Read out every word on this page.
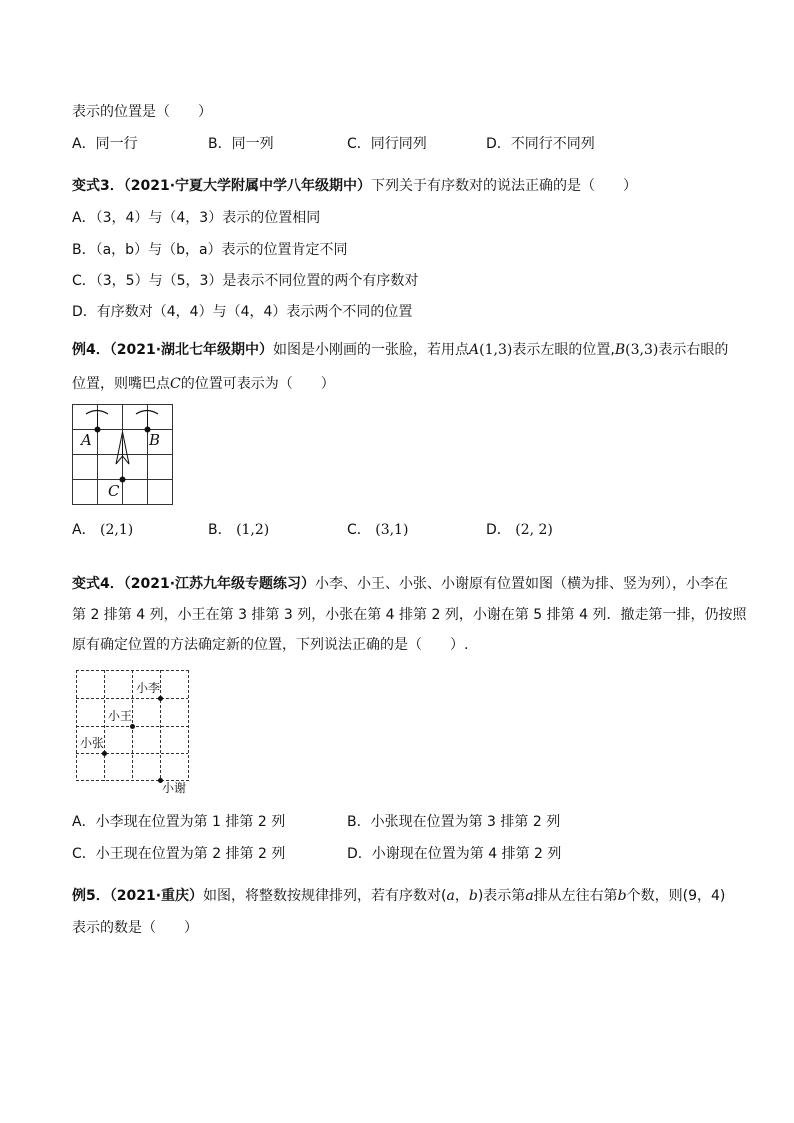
表示的位置是（　　）
A．同一行	B．同一列	C．同行同列	D．不同行不同列
变式3．（2021·宁夏大学附属中学八年级期中）下列关于有序数对的说法正确的是（　　）
A．（3，4）与（4，3）表示的位置相同
B．（a，b）与（b，a）表示的位置肯定不同
C．（3，5）与（5，3）是表示不同位置的两个有序数对
D．有序数对（4，4）与（4，4）表示两个不同的位置
例4．（2021·湖北七年级期中）如图是小刚画的一张脸，若用点A(1,3)表示左眼的位置,B(3,3)表示右眼的
位置，则嘴巴点C的位置可表示为（　　）
A	B
C
A． (2,1)	B． (1,2)	C． (3,1)	D． (2, 2)
变式4．（2021·江苏九年级专题练习）小李、小王、小张、小谢原有位置如图（横为排、竖为列），小李在
第 2 排第 4 列，小王在第 3 排第 3 列，小张在第 4 排第 2 列，小谢在第 5 排第 4 列．撤走第一排，仍按照
原有确定位置的方法确定新的位置，下列说法正确的是（　　）.
小李
小王
小张
小谢
A．小李现在位置为第 1 排第 2 列	B．小张现在位置为第 3 排第 2 列
C．小王现在位置为第 2 排第 2 列	D．小谢现在位置为第 4 排第 2 列
例5．（2021·重庆）如图，将整数按规律排列，若有序数对(a，b)表示第a排从左往右第b个数，则(9，4)
表示的数是（　　）
